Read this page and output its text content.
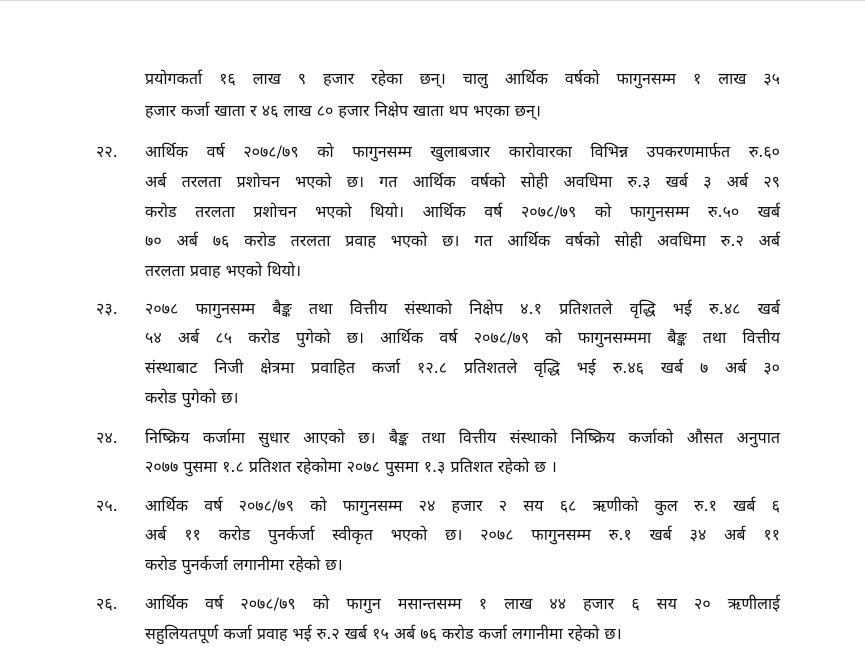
प्रयोगकर्ता १६ लाख ९ हजार रहेका छन्। चालु आर्थिक वर्षको फागुनसम्म १ लाख ३५
हजार कर्जा खाता र ४६ लाख ८० हजार निक्षेप खाता थप भएका छन्।
२२.	आर्थिक वर्ष २०७८/७९ को फागुनसम्म खुलाबजार कारोवारका विभिन्न उपकरणमार्फत रु.६०
अर्ब तरलता प्रशोचन भएको छ। गत आर्थिक वर्षको सोही अवधिमा रु.३ खर्ब ३ अर्ब २९
करोड तरलता प्रशोचन भएको थियो। आर्थिक वर्ष २०७८/७९ को फागुनसम्म रु.५० खर्ब
७० अर्ब ७६ करोड तरलता प्रवाह भएको छ। गत आर्थिक वर्षको सोही अवधिमा रु.२ अर्ब
तरलता प्रवाह भएको थियो।
२३.	२०७८ फागुनसम्म बैङ्क तथा वित्तीय संस्थाको निक्षेप ४.१ प्रतिशतले वृद्धि भई रु.४८ खर्ब
५४ अर्ब ८५ करोड पुगेको छ। आर्थिक वर्ष २०७८/७९ को फागुनसम्ममा बैङ्क तथा वित्तीय
संस्थाबाट निजी क्षेत्रमा प्रवाहित कर्जा १२.८ प्रतिशतले वृद्धि भई रु.४६ खर्ब ७ अर्ब ३०
करोड पुगेको छ।
२४.	निष्क्रिय कर्जामा सुधार आएको छ। बैङ्क तथा वित्तीय संस्थाको निष्क्रिय कर्जाको औसत अनुपात
२०७७ पुसमा १.८ प्रतिशत रहेकोमा २०७८ पुसमा १.३ प्रतिशत रहेको छ ।
२५.	आर्थिक वर्ष २०७८/७९ को फागुनसम्म २४ हजार २ सय ६८ ऋणीको कुल रु.१ खर्ब ६
अर्ब ११ करोड पुनर्कर्जा स्वीकृत भएको छ। २०७८ फागुनसम्म रु.१ खर्ब ३४ अर्ब ११
करोड पुनर्कर्जा लगानीमा रहेको छ।
२६.	आर्थिक वर्ष २०७८/७९ को फागुन मसान्तसम्म १ लाख ४४ हजार ६ सय २० ऋणीलाई
सहुलियतपूर्ण कर्जा प्रवाह भई रु.२ खर्ब १५ अर्ब ७६ करोड कर्जा लगानीमा रहेको छ।
